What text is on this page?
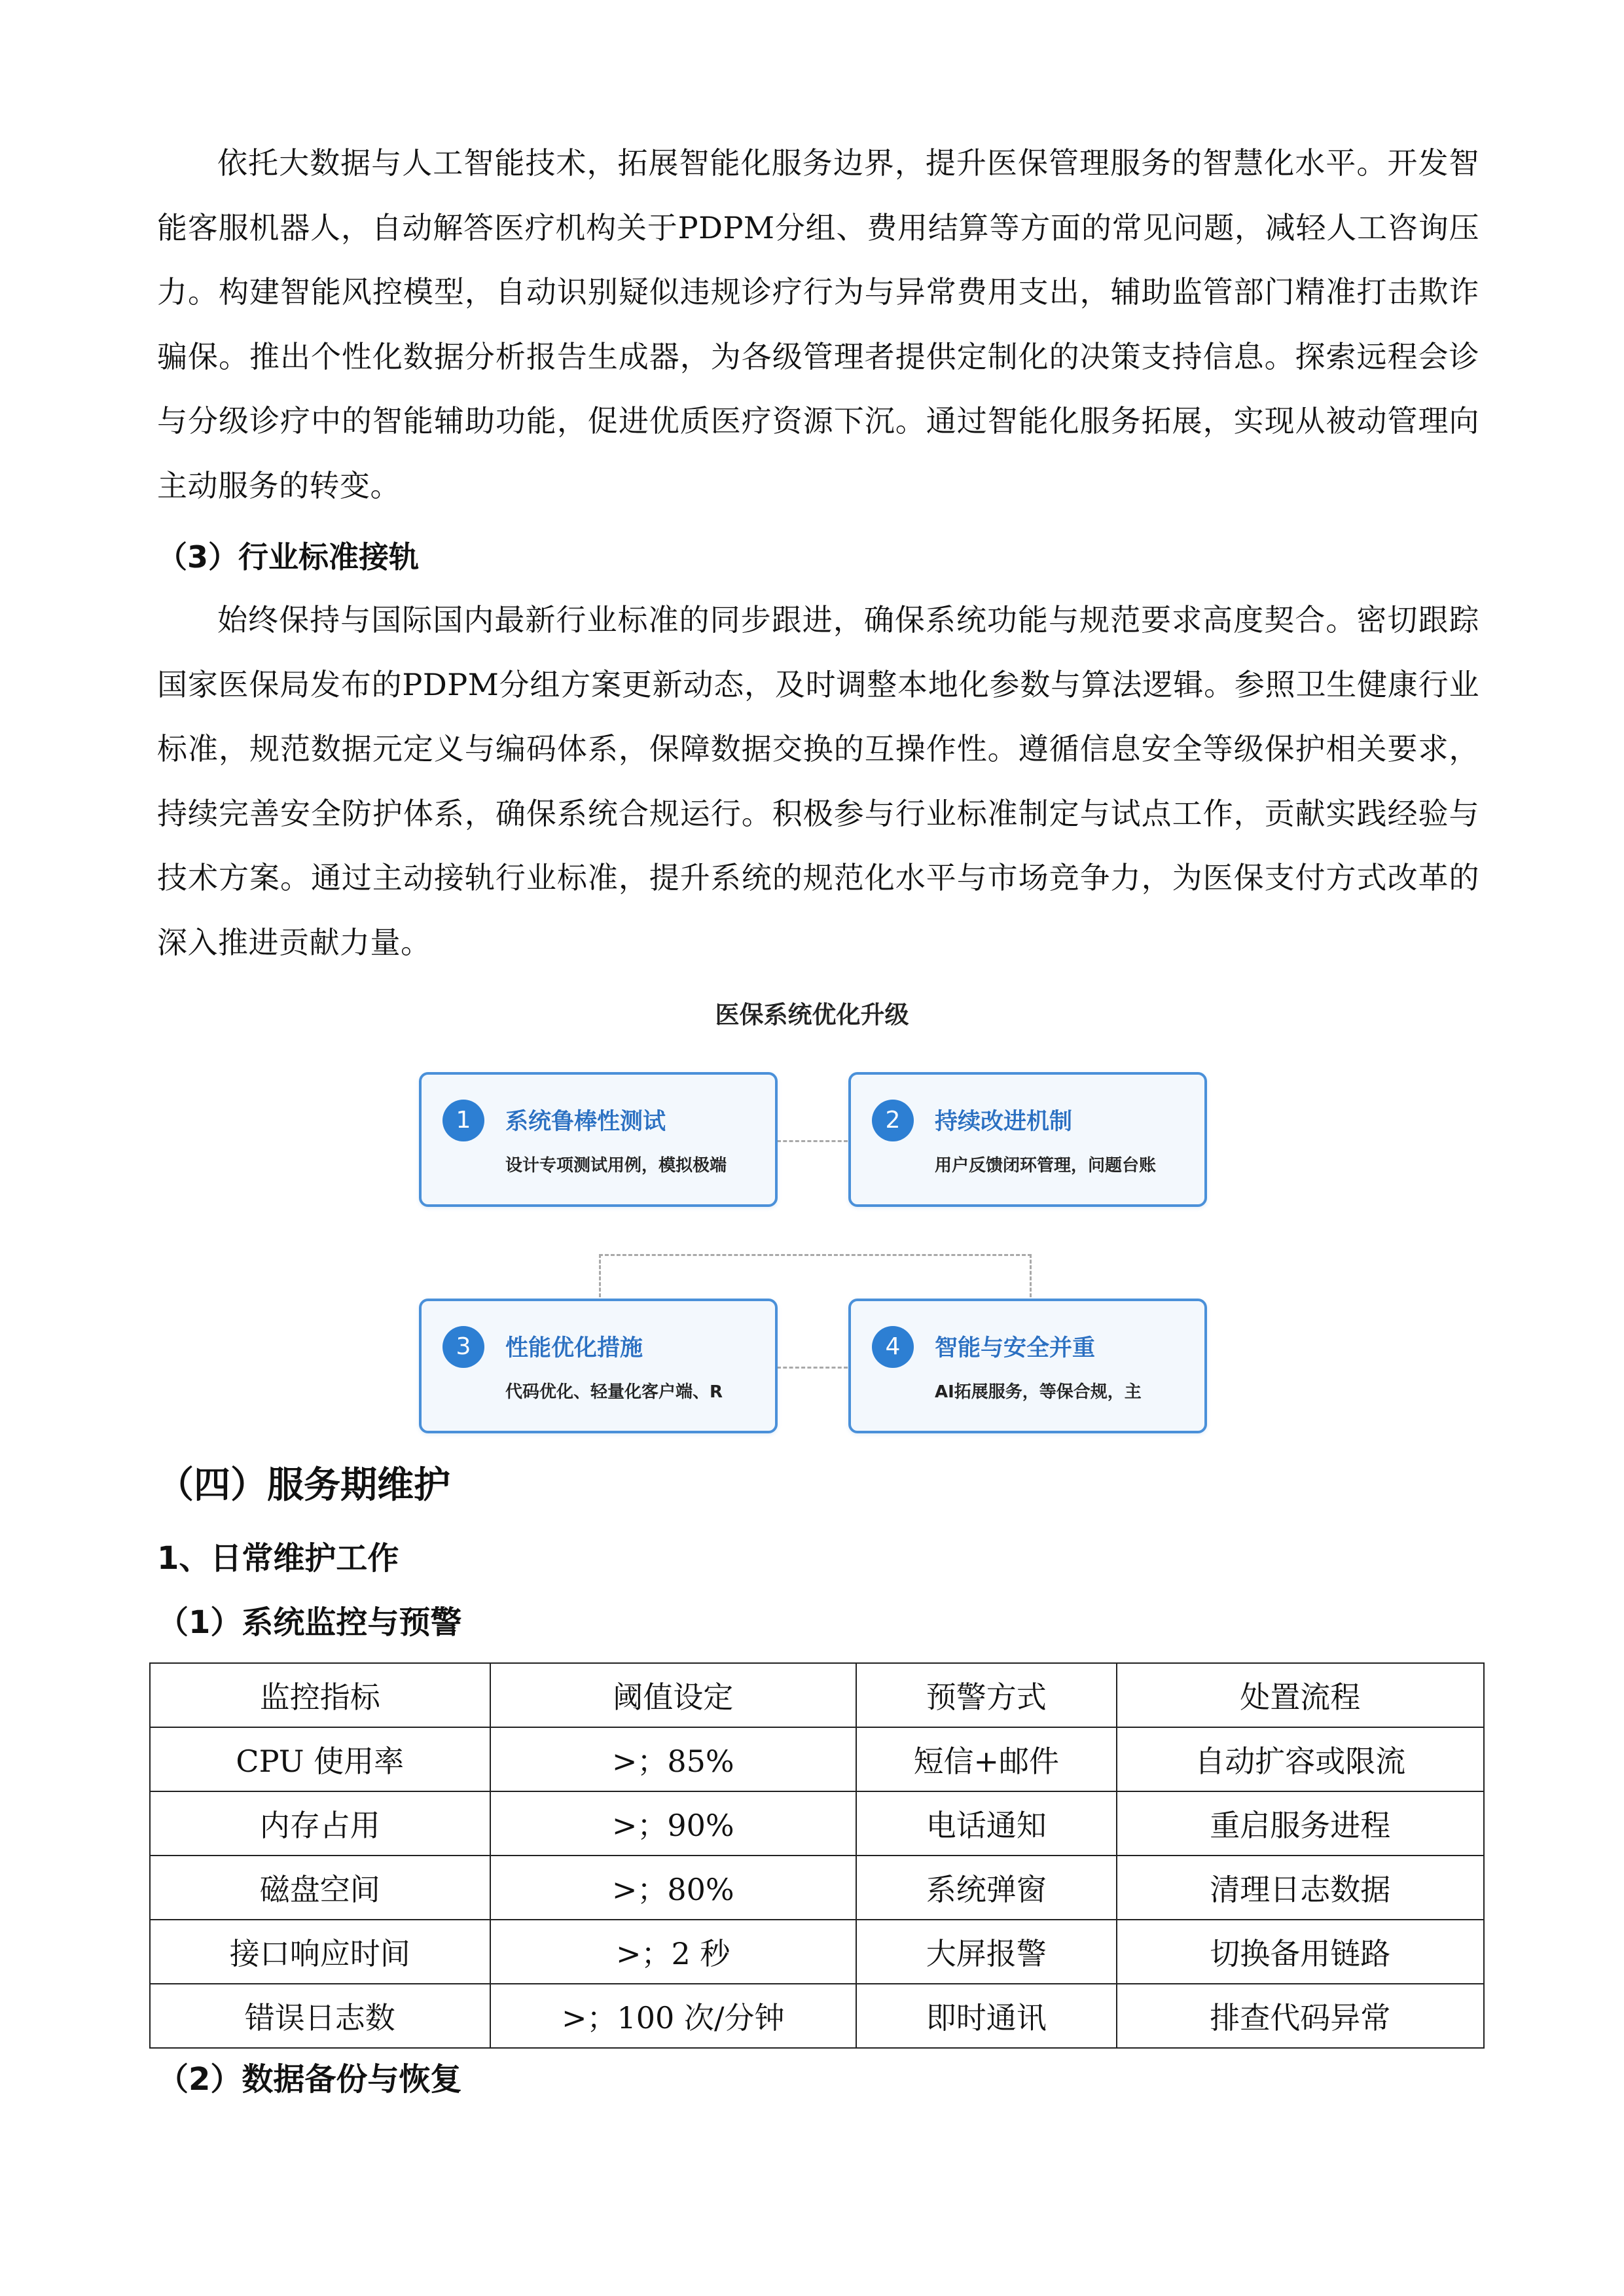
依托大数据与人工智能技术，拓展智能化服务边界，提升医保管理服务的智慧化水平。开发智能客服机器人，自动解答医疗机构关于PDPM分组、费用结算等方面的常见问题，减轻人工咨询压力。构建智能风控模型，自动识别疑似违规诊疗行为与异常费用支出，辅助监管部门精准打击欺诈骗保。推出个性化数据分析报告生成器，为各级管理者提供定制化的决策支持信息。探索远程会诊与分级诊疗中的智能辅助功能，促进优质医疗资源下沉。通过智能化服务拓展，实现从被动管理向主动服务的转变。

（3）行业标准接轨

始终保持与国际国内最新行业标准的同步跟进，确保系统功能与规范要求高度契合。密切跟踪国家医保局发布的PDPM分组方案更新动态，及时调整本地化参数与算法逻辑。参照卫生健康行业标准，规范数据元定义与编码体系，保障数据交换的互操作性。遵循信息安全等级保护相关要求，持续完善安全防护体系，确保系统合规运行。积极参与行业标准制定与试点工作，贡献实践经验与技术方案。通过主动接轨行业标准，提升系统的规范化水平与市场竞争力，为医保支付方式改革的深入推进贡献力量。

医保系统优化升级
1	系统鲁棒性测试
设计专项测试用例，模拟极端
2	持续改进机制
用户反馈闭环管理，问题台账
3	性能优化措施
代码优化、轻量化客户端、R
4	智能与安全并重
AI拓展服务，等保合规，主
（四）服务期维护
1、日常维护工作
（1）系统监控与预警
监控指标	阈值设定	预警方式	处置流程
CPU 使用率	>；85%	短信+邮件	自动扩容或限流
内存占用	>；90%	电话通知	重启服务进程
磁盘空间	>；80%	系统弹窗	清理日志数据
接口响应时间	>；2 秒	大屏报警	切换备用链路
错误日志数	>；100 次/分钟	即时通讯	排查代码异常
（2）数据备份与恢复
